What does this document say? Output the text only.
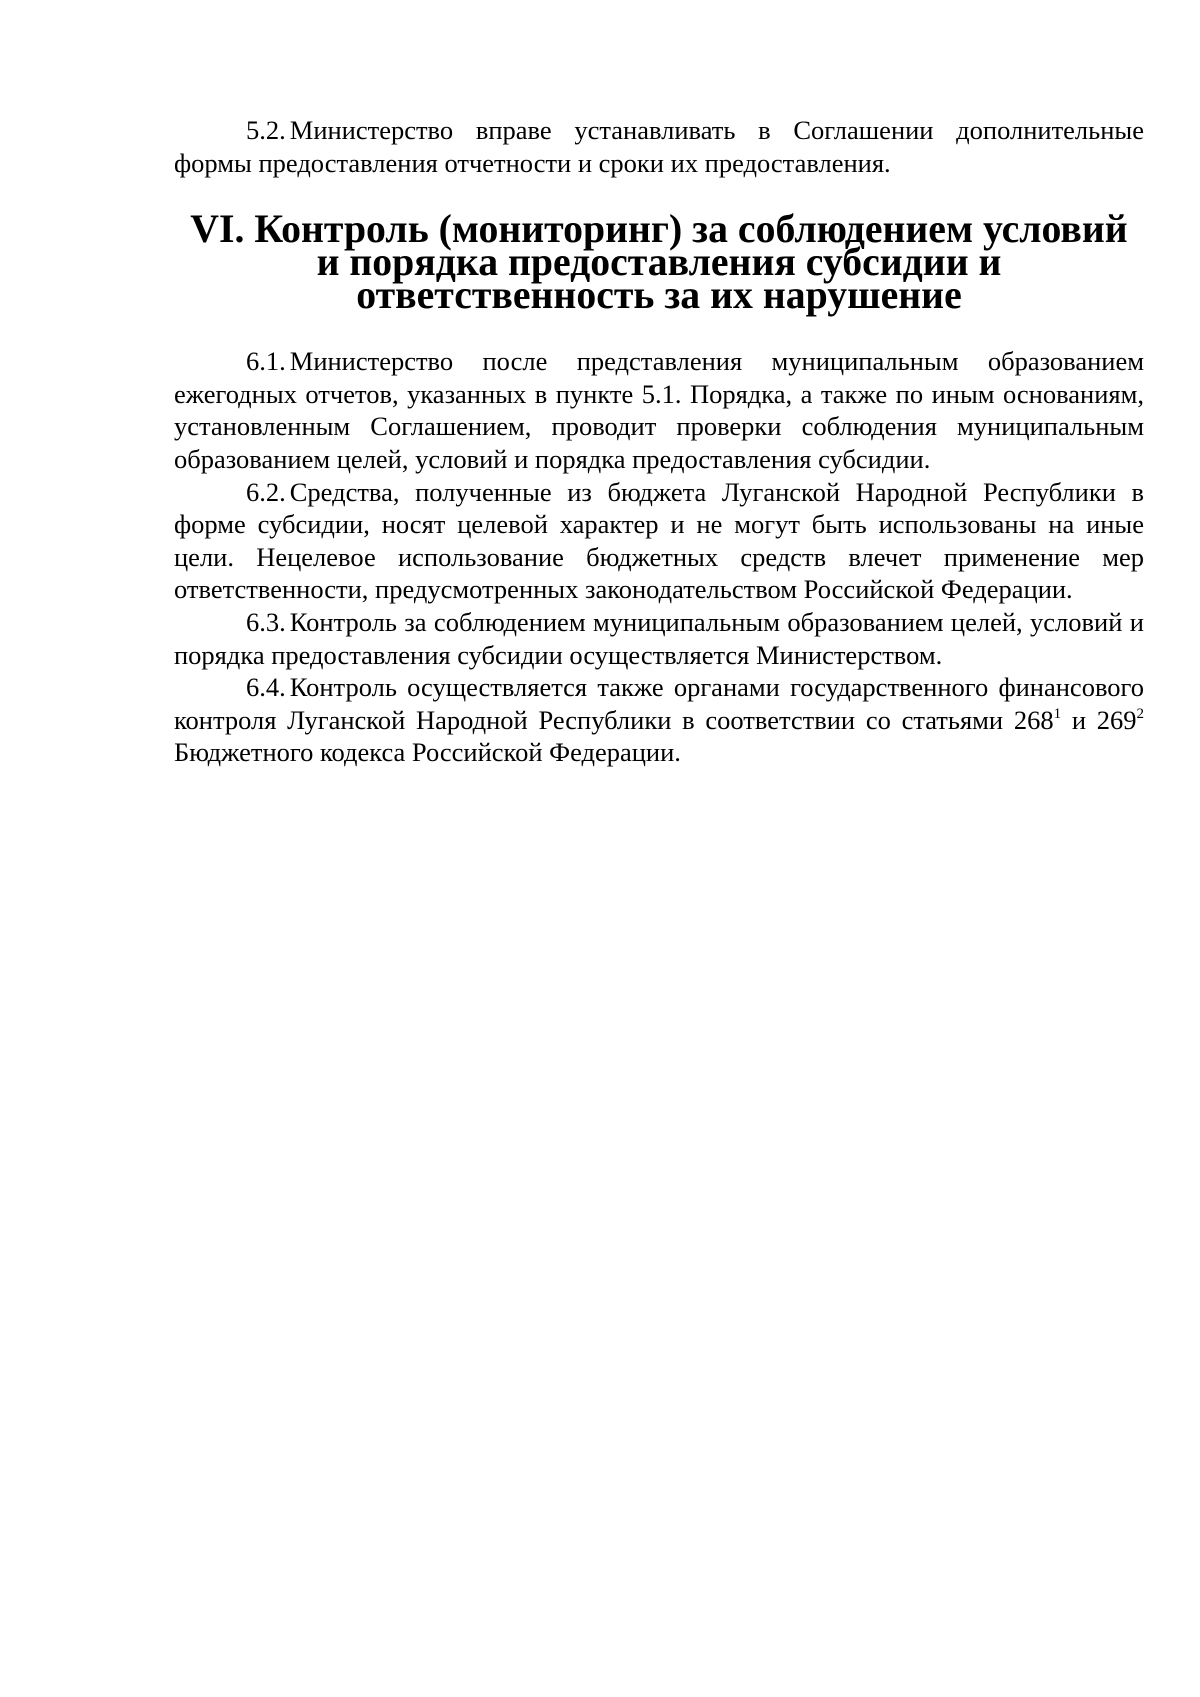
5.2. Министерство вправе устанавливать в Соглашении дополнительные формы предоставления отчетности и сроки их предоставления.

VI. Контроль (мониторинг) за соблюдением условий
и порядка предоставления субсидии и ответственность за их нарушение

6.1. Министерство после представления муниципальным образованием ежегодных отчетов, указанных в пункте 5.1. Порядка, а также по иным основаниям, установленным Соглашением, проводит проверки соблюдения муниципальным образованием целей, условий и порядка предоставления субсидии.

6.2. Средства, полученные из бюджета Луганской Народной Республики в форме субсидии, носят целевой характер и не могут быть использованы на иные цели. Нецелевое использование бюджетных средств влечет применение мер ответственности, предусмотренных законодательством Российской Федерации.

6.3. Контроль за соблюдением муниципальным образованием целей, условий и порядка предоставления субсидии осуществляется Министерством.

6.4. Контроль осуществляется также органами государственного финансового контроля Луганской Народной Республики в соответствии со статьями $268^1$ и $269^2$ Бюджетного кодекса Российской Федерации.
